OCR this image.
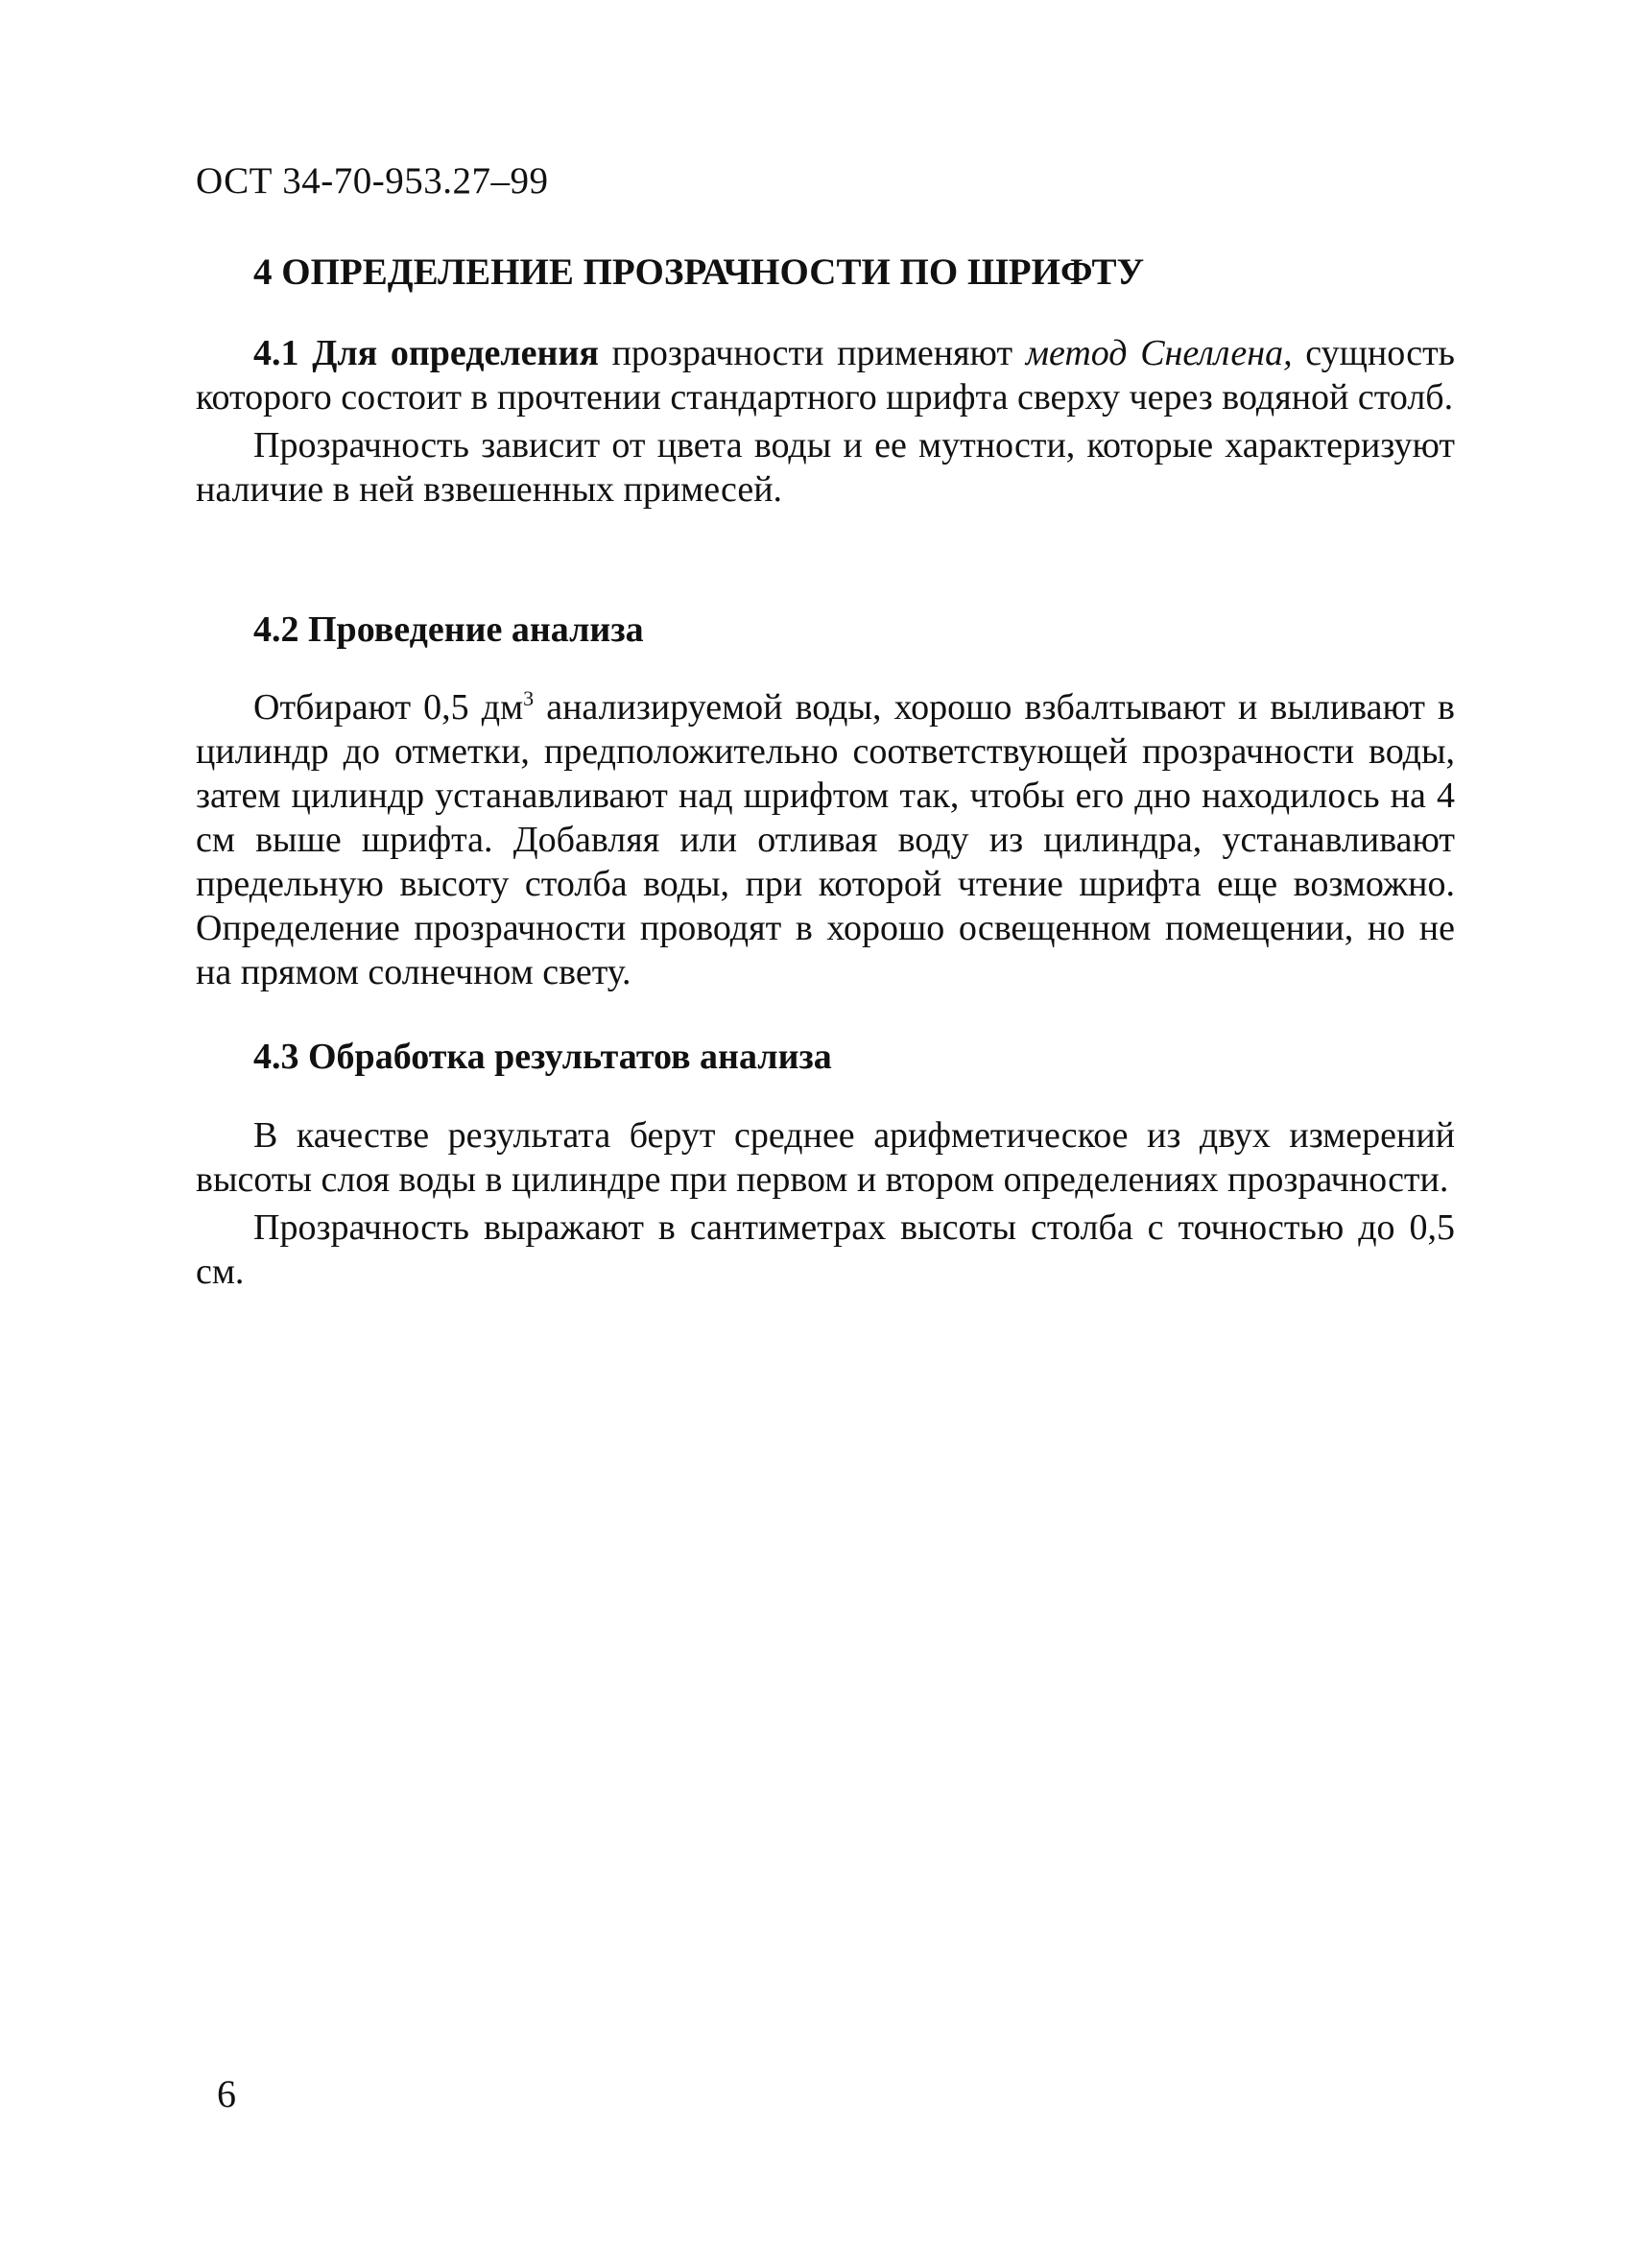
ОСТ 34-70-953.27–99
4 ОПРЕДЕЛЕНИЕ ПРОЗРАЧНОСТИ ПО ШРИФТУ

4.1 Для определения прозрачности применяют метод Снеллена, сущность которого состоит в прочтении стандартного шрифта сверху через водяной столб.

Прозрачность зависит от цвета воды и ее мутности, которые характеризуют наличие в ней взвешенных примесей.

4.2 Проведение анализа

Отбирают 0,5 $дм^3$ анализируемой воды, хорошо взбалтывают и выливают в цилиндр до отметки, предположительно соответствующей прозрачности воды, затем цилиндр устанавливают над шрифтом так, чтобы его дно находилось на 4 см выше шрифта. Добавляя или отливая воду из цилиндра, устанавливают предельную высоту столба воды, при которой чтение шрифта еще возможно. Определение прозрачности проводят в хорошо освещенном помещении, но не на прямом солнечном свету.

4.3 Обработка результатов анализа

В качестве результата берут среднее арифметическое из двух измерений высоты слоя воды в цилиндре при первом и втором определениях прозрачности.

Прозрачность выражают в сантиметрах высоты столба с точностью до 0,5 см.

6
